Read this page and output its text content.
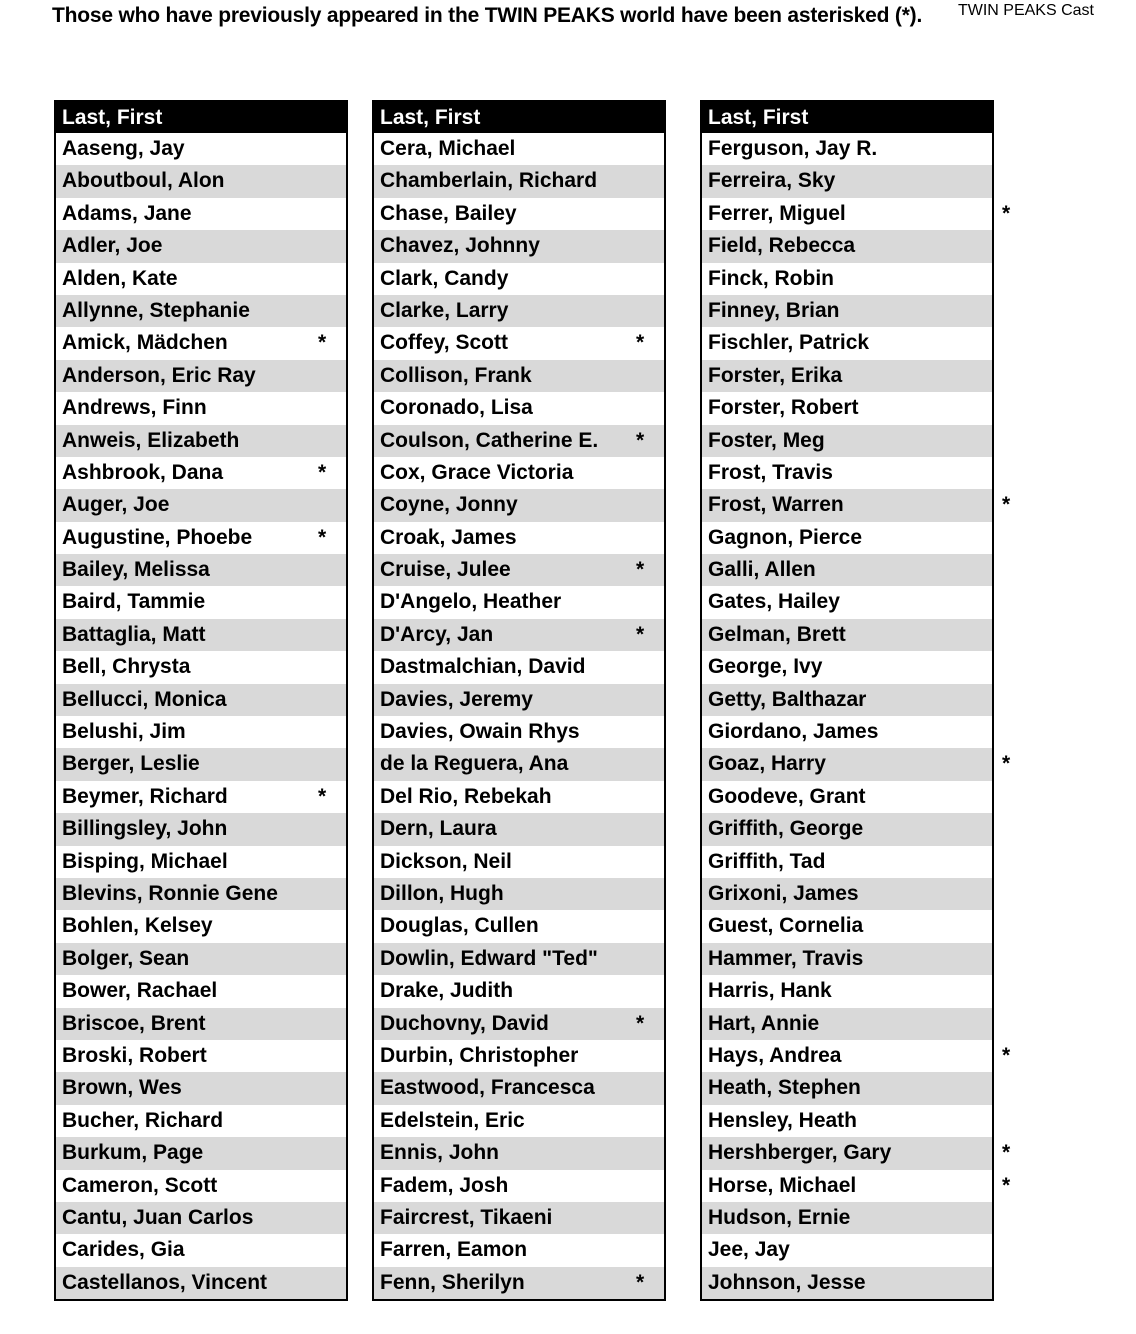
Those who have previously appeared in the TWIN PEAKS world have been asterisked (*). TWIN PEAKS Cast
Last, First
Aaseng, Jay
Aboutboul, Alon
Adams, Jane
Adler, Joe
Alden, Kate
Allynne, Stephanie
Amick, Mädchen	*
Anderson, Eric Ray
Andrews, Finn
Anweis, Elizabeth
Ashbrook, Dana	*
Auger, Joe
Augustine, Phoebe	*
Bailey, Melissa
Baird, Tammie
Battaglia, Matt
Bell, Chrysta
Bellucci, Monica
Belushi, Jim
Berger, Leslie
Beymer, Richard	*
Billingsley, John
Bisping, Michael
Blevins, Ronnie Gene
Bohlen, Kelsey
Bolger, Sean
Bower, Rachael
Briscoe, Brent
Broski, Robert
Brown, Wes
Bucher, Richard
Burkum, Page
Cameron, Scott
Cantu, Juan Carlos
Carides, Gia
Castellanos, Vincent
Last, First
Cera, Michael
Chamberlain, Richard
Chase, Bailey
Chavez, Johnny
Clark, Candy
Clarke, Larry
Coffey, Scott	*
Collison, Frank
Coronado, Lisa
Coulson, Catherine E. *
Cox, Grace Victoria
Coyne, Jonny
Croak, James
Cruise, Julee	*
D'Angelo, Heather
D'Arcy, Jan	*
Dastmalchian, David
Davies, Jeremy
Davies, Owain Rhys
de la Reguera, Ana
Del Rio, Rebekah
Dern, Laura
Dickson, Neil
Dillon, Hugh
Douglas, Cullen
Dowlin, Edward "Ted"
Drake, Judith
Duchovny, David	*
Durbin, Christopher
Eastwood, Francesca
Edelstein, Eric
Ennis, John
Fadem, Josh
Faircrest, Tikaeni
Farren, Eamon
Fenn, Sherilyn	*
Last, First
Ferguson, Jay R.
Ferreira, Sky
Ferrer, Miguel	*
Field, Rebecca
Finck, Robin
Finney, Brian
Fischler, Patrick
Forster, Erika
Forster, Robert
Foster, Meg
Frost, Travis
Frost, Warren	*
Gagnon, Pierce
Galli, Allen
Gates, Hailey
Gelman, Brett
George, Ivy
Getty, Balthazar
Giordano, James
Goaz, Harry	*
Goodeve, Grant
Griffith, George
Griffith, Tad
Grixoni, James
Guest, Cornelia
Hammer, Travis
Harris, Hank
Hart, Annie
Hays, Andrea	*
Heath, Stephen
Hensley, Heath
Hershberger, Gary	*
Horse, Michael	*
Hudson, Ernie
Jee, Jay
Johnson, Jesse
